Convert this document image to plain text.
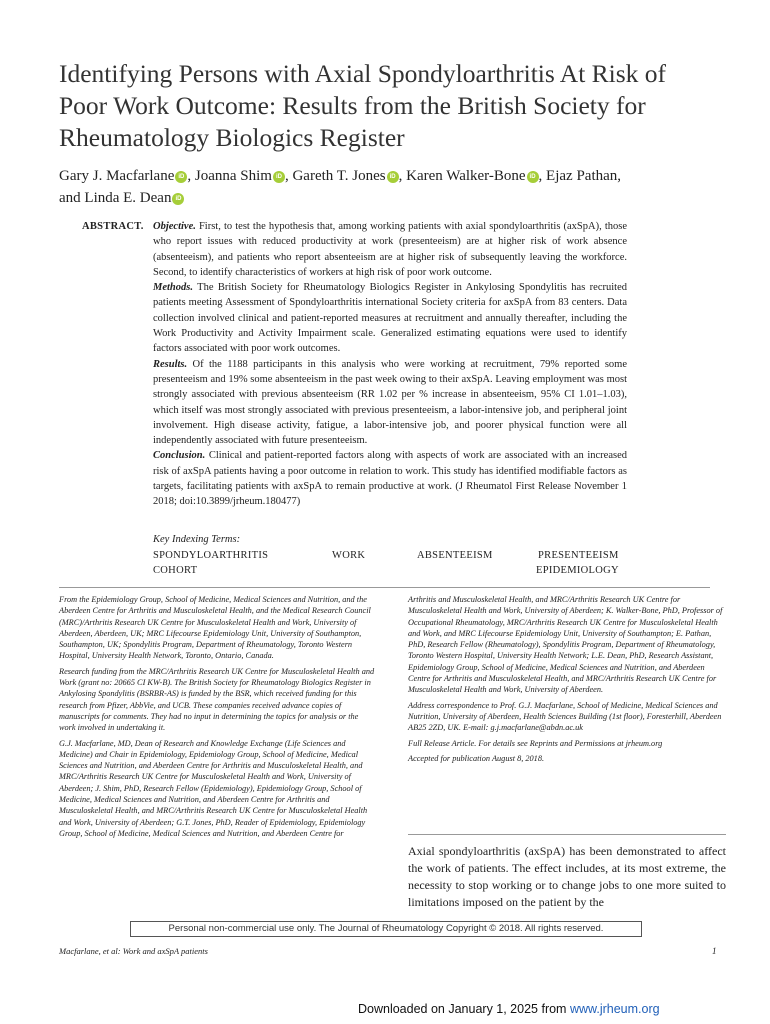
Identifying Persons with Axial Spondyloarthritis At Risk of Poor Work Outcome: Results from the British Society for Rheumatology Biologics Register
Gary J. Macfarlane iD , Joanna Shim iD , Gareth T. Jones iD , Karen Walker-Bone iD , Ejaz Pathan,
and Linda E. Dean iD
ABSTRACT. Objective. First, to test the hypothesis that, among working patients with axial spondyloarthritis (axSpA), those who report issues with reduced productivity at work (presenteeism) are at higher risk of work absence (absenteeism), and patients who report absenteeism are at higher risk of subsequently leaving the workforce. Second, to identify characteristics of workers at high risk of poor work outcome.

Methods. The British Society for Rheumatology Biologics Register in Ankylosing Spondylitis has recruited patients meeting Assessment of Spondyloarthritis international Society criteria for axSpA from 83 centers. Data collection involved clinical and patient-reported measures at recruitment and annually thereafter, including the Work Productivity and Activity Impairment scale. Generalized estimating equations were used to identify factors associated with poor work outcomes.

Results. Of the 1188 participants in this analysis who were working at recruitment, 79% reported some presenteeism and 19% some absenteeism in the past week owing to their axSpA. Leaving employment was most strongly associated with previous absenteeism (RR 1.02 per % increase in absenteeism, 95% CI 1.01–1.03), which itself was most strongly associated with previous presenteeism, a labor-intensive job, and peripheral joint involvement. High disease activity, fatigue, a labor-intensive job, and poorer physical function were all independently associated with future presenteeism.

Conclusion. Clinical and patient-reported factors along with aspects of work are associated with an increased risk of axSpA patients having a poor outcome in relation to work. This study has identified modifiable factors as targets, facilitating patients with axSpA to remain productive at work. (J Rheumatol First Release November 1 2018; doi:10.3899/jrheum.180477)

Key Indexing Terms:
SPONDYLOARTHRITIS	WORK	ABSENTEEISM	PRESENTEEISM
COHORT	EPIDEMIOLOGY

From the Epidemiology Group, School of Medicine, Medical Sciences and Nutrition, and the Aberdeen Centre for Arthritis and Musculoskeletal Health, and the Medical Research Council (MRC)/Arthritis Research UK Centre for Musculoskeletal Health and Work, University of Aberdeen, Aberdeen, UK; MRC Lifecourse Epidemiology Unit, University of Southampton, Southampton, UK; Spondylitis Program, Department of Rheumatology, Toronto Western Hospital, University Health Network, Toronto, Ontario, Canada.

Research funding from the MRC/Arthritis Research UK Centre for Musculoskeletal Health and Work (grant no: 20665 CI KW-B). The British Society for Rheumatology Biologics Register in Ankylosing Spondylitis (BSRBR-AS) is funded by the BSR, which received funding for this research from Pfizer, AbbVie, and UCB. These companies received advance copies of manuscripts for comments. They had no input in determining the topics for analysis or the work involved in undertaking it.

G.J. Macfarlane, MD, Dean of Research and Knowledge Exchange (Life Sciences and Medicine) and Chair in Epidemiology, Epidemiology Group, School of Medicine, Medical Sciences and Nutrition, and Aberdeen Centre for Arthritis and Musculoskeletal Health, and MRC/Arthritis Research UK Centre for Musculoskeletal Health and Work, University of Aberdeen; J. Shim, PhD, Research Fellow (Epidemiology), Epidemiology Group, School of Medicine, Medical Sciences and Nutrition, and Aberdeen Centre for Arthritis and Musculoskeletal Health, and MRC/Arthritis Research UK Centre for Musculoskeletal Health and Work, University of Aberdeen; G.T. Jones, PhD, Reader of Epidemiology, Epidemiology Group, School of Medicine, Medical Sciences and Nutrition, and Aberdeen Centre for

Arthritis and Musculoskeletal Health, and MRC/Arthritis Research UK Centre for Musculoskeletal Health and Work, University of Aberdeen; K. Walker-Bone, PhD, Professor of Occupational Rheumatology, MRC/Arthritis Research UK Centre for Musculoskeletal Health and Work, and MRC Lifecourse Epidemiology Unit, University of Southampton; E. Pathan, PhD, Research Fellow (Rheumatology), Spondylitis Program, Department of Rheumatology, Toronto Western Hospital, University Health Network; L.E. Dean, PhD, Research Assistant, Epidemiology Group, School of Medicine, Medical Sciences and Nutrition, and Aberdeen Centre for Arthritis and Musculoskeletal Health, and MRC/Arthritis Research UK Centre for Musculoskeletal Health and Work, University of Aberdeen.

Address correspondence to Prof. G.J. Macfarlane, School of Medicine, Medical Sciences and Nutrition, University of Aberdeen, Health Sciences Building (1st floor), Foresterhill, Aberdeen AB25 2ZD, UK. E-mail: g.j.macfarlane@abdn.ac.uk

Full Release Article. For details see Reprints and Permissions at jrheum.org

Accepted for publication August 8, 2018.

Axial spondyloarthritis (axSpA) has been demonstrated to affect the work of patients. The effect includes, at its most extreme, the necessity to stop working or to change jobs to one more suited to limitations imposed on the patient by the
Personal non-commercial use only. The Journal of Rheumatology Copyright © 2018. All rights reserved.
Macfarlane, et al: Work and axSpA patients	1
Downloaded on January 1, 2025 from www.jrheum.org
